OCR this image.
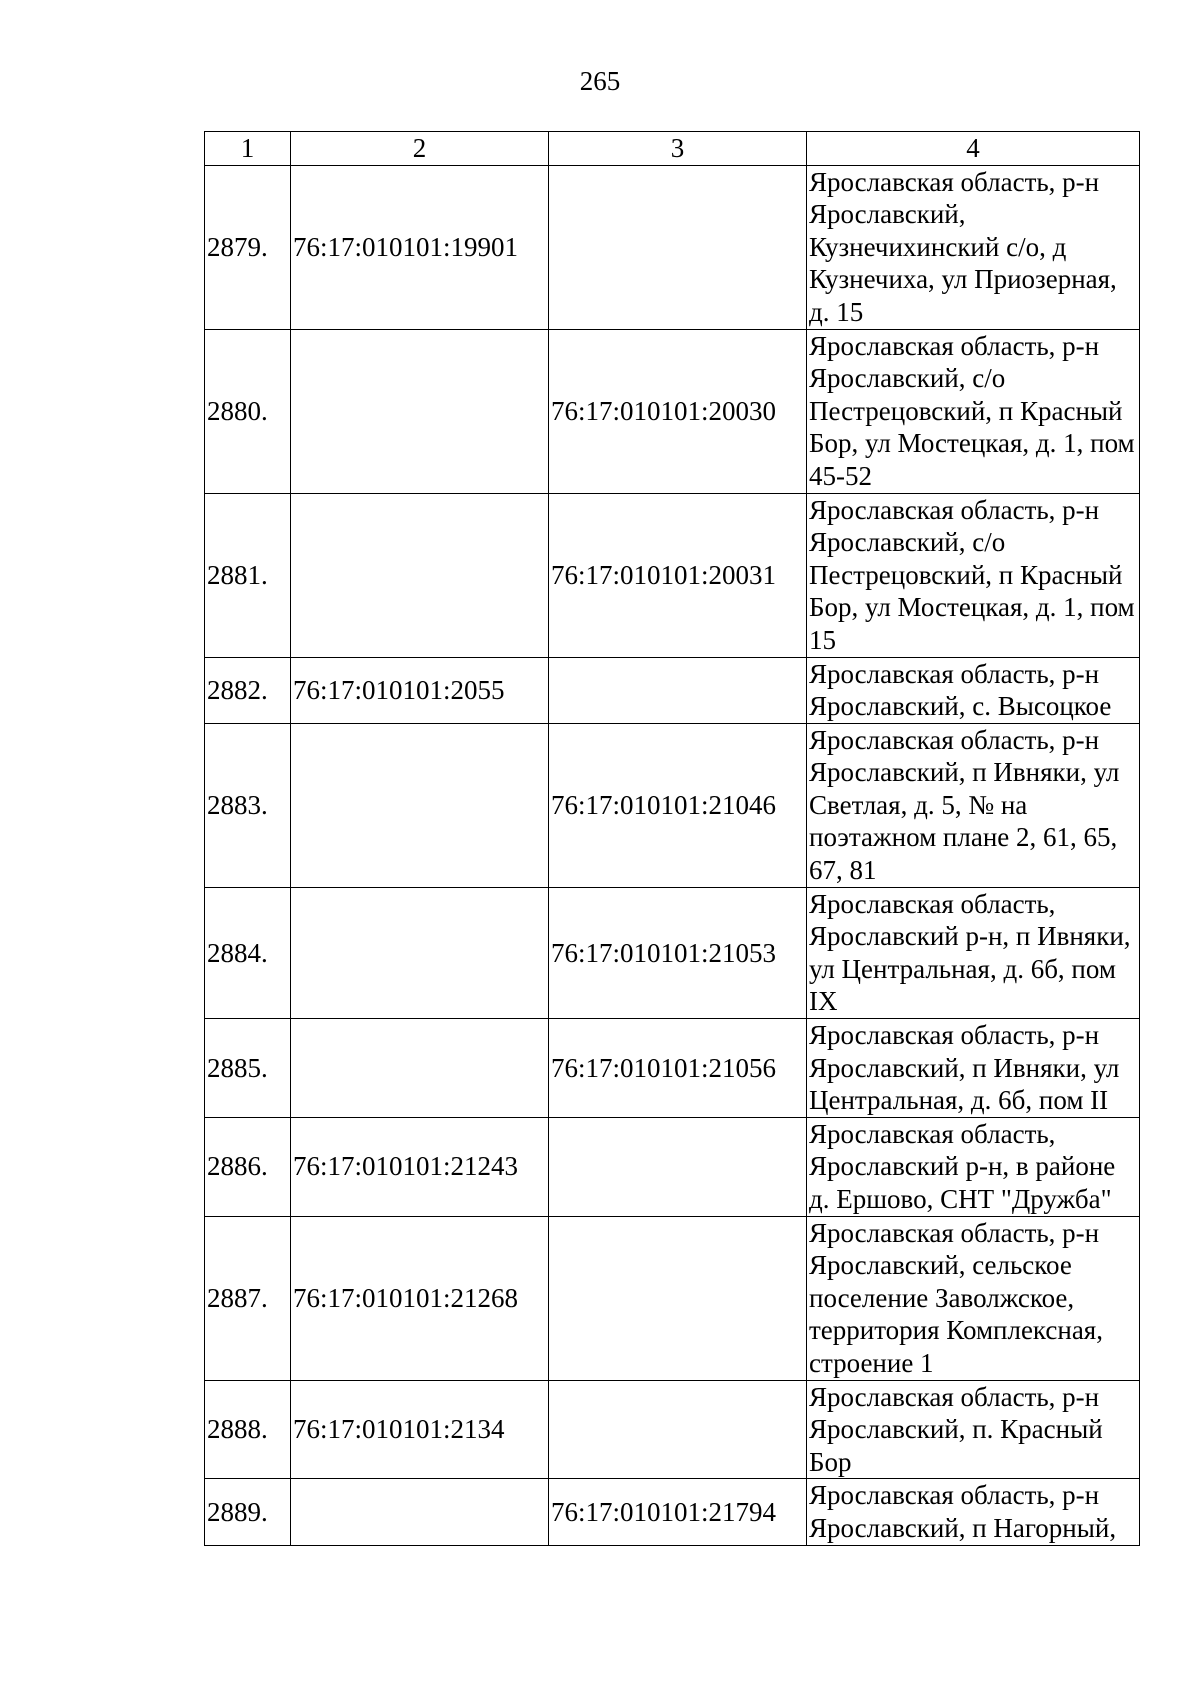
265
1	2	3	4
2879.	76:17:010101:19901		Ярославская область, р-н Ярославский, Кузнечихинский с/о, д Кузнечиха, ул Приозерная, д. 15
2880.		76:17:010101:20030	Ярославская область, р-н Ярославский, с/о Пестрецовский, п Красный Бор, ул Мостецкая, д. 1, пом 45-52
2881.		76:17:010101:20031	Ярославская область, р-н Ярославский, с/о Пестрецовский, п Красный Бор, ул Мостецкая, д. 1, пом 15
2882.	76:17:010101:2055		Ярославская область, р-н Ярославский, с. Высоцкое
2883.		76:17:010101:21046	Ярославская область, р-н Ярославский, п Ивняки, ул Светлая, д. 5, № на поэтажном плане 2, 61, 65, 67, 81
2884.		76:17:010101:21053	Ярославская область, Ярославский р-н, п Ивняки, ул Центральная, д. 6б, пом IX
2885.		76:17:010101:21056	Ярославская область, р-н Ярославский, п Ивняки, ул Центральная, д. 6б, пом II
2886.	76:17:010101:21243		Ярославская область, Ярославский р-н, в районе д. Ершово, СНТ "Дружба"
2887.	76:17:010101:21268		Ярославская область, р-н Ярославский, сельское поселение Заволжское, территория Комплексная, строение 1
2888.	76:17:010101:2134		Ярославская область, р-н Ярославский, п. Красный Бор
2889.		76:17:010101:21794	Ярославская область, р-н Ярославский, п Нагорный,
